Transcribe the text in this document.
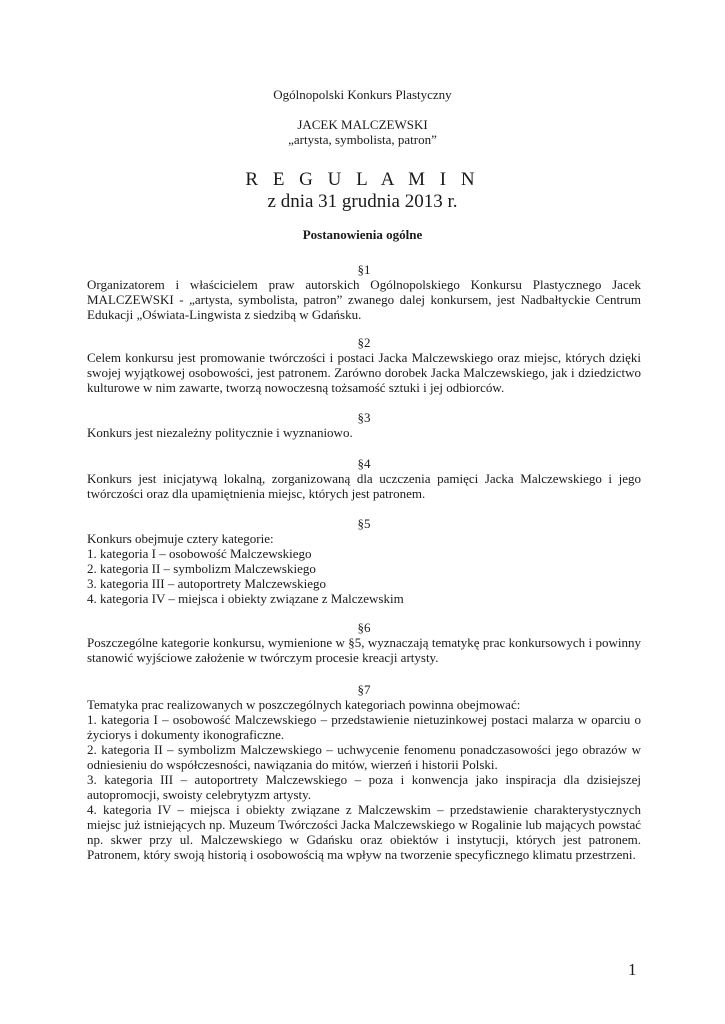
Ogólnopolski Konkurs Plastyczny

JACEK MALCZEWSKI

„artysta, symbolista, patron”

R E G U L A M I N

z dnia 31 grudnia 2013 r.

Postanowienia ogólne

§1

Organizatorem i właścicielem praw autorskich Ogólnopolskiego Konkursu Plastycznego Jacek MALCZEWSKI - „artysta, symbolista, patron” zwanego dalej konkursem, jest Nadbałtyckie Centrum Edukacji „Oświata-Lingwista z siedzibą w Gdańsku.

§2

Celem konkursu jest promowanie twórczości i postaci Jacka Malczewskiego oraz miejsc, których dzięki swojej wyjątkowej osobowości, jest patronem. Zarówno dorobek Jacka Malczewskiego, jak i dziedzictwo kulturowe w nim zawarte, tworzą nowoczesną tożsamość sztuki i jej odbiorców.

§3

Konkurs jest niezależny politycznie i wyznaniowo.

§4

Konkurs jest inicjatywą lokalną, zorganizowaną dla uczczenia pamięci Jacka Malczewskiego i jego twórczości oraz dla upamiętnienia miejsc, których jest patronem.

§5

Konkurs obejmuje cztery kategorie:

1. kategoria I – osobowość Malczewskiego

2. kategoria II – symbolizm Malczewskiego

3. kategoria III – autoportrety Malczewskiego

4. kategoria IV – miejsca i obiekty związane z Malczewskim

§6

Poszczególne kategorie konkursu, wymienione w §5, wyznaczają tematykę prac konkursowych i powinny stanowić wyjściowe założenie w twórczym procesie kreacji artysty.

§7

Tematyka prac realizowanych w poszczególnych kategoriach powinna obejmować:

1. kategoria I – osobowość Malczewskiego – przedstawienie nietuzinkowej postaci malarza w oparciu o życiorys i dokumenty ikonograficzne.

2. kategoria II – symbolizm Malczewskiego – uchwycenie fenomenu ponadczasowości jego obrazów w odniesieniu do współczesności, nawiązania do mitów, wierzeń i historii Polski.

3. kategoria III – autoportrety Malczewskiego – poza i konwencja jako inspiracja dla dzisiejszej autopromocji, swoisty celebrytyzm artysty.

4. kategoria IV – miejsca i obiekty związane z Malczewskim – przedstawienie charakterystycznych miejsc już istniejących np. Muzeum Twórczości Jacka Malczewskiego w Rogalinie lub mających powstać np. skwer przy ul. Malczewskiego w Gdańsku oraz obiektów i instytucji, których jest patronem. Patronem, który swoją historią i osobowością ma wpływ na tworzenie specyficznego klimatu przestrzeni.

1
